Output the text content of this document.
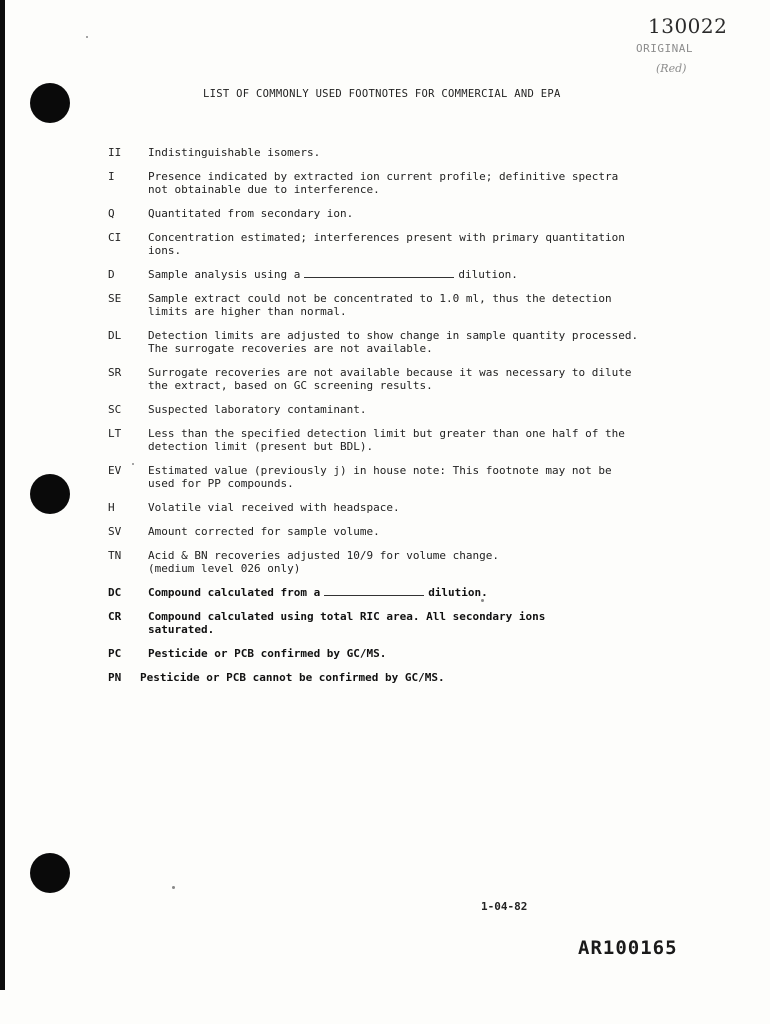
130022
ORIGINAL
(Red)
LIST OF COMMONLY USED FOOTNOTES FOR COMMERCIAL AND EPA
II	Indistinguishable isomers.
I	Presence indicated by extracted ion current profile; definitive spectra
not obtainable due to interference.
Q	Quantitated from secondary ion.
CI	Concentration estimated; interferences present with primary quantitation
ions.
D	Sample analysis using a	dilution.
SE	Sample extract could not be concentrated to 1.0 ml, thus the detection
limits are higher than normal.
DL	Detection limits are adjusted to show change in sample quantity processed.
The surrogate recoveries are not available.
SR	Surrogate recoveries are not available because it was necessary to dilute
the extract, based on GC screening results.
SC	Suspected laboratory contaminant.
LT	Less than the specified detection limit but greater than one half of the
detection limit (present but BDL).
EV	Estimated value (previously j) in house note: This footnote may not be
used for PP compounds.
H	Volatile vial received with headspace.
SV	Amount corrected for sample volume.
TN	Acid & BN recoveries adjusted 10/9 for volume change.
(medium level 026 only)
DC	Compound calculated from a	dilution.
CR	Compound calculated using total RIC area. All secondary ions
saturated.
PC	Pesticide or PCB confirmed by GC/MS.
PN	Pesticide or PCB cannot be confirmed by GC/MS.
1-04-82
AR100165
